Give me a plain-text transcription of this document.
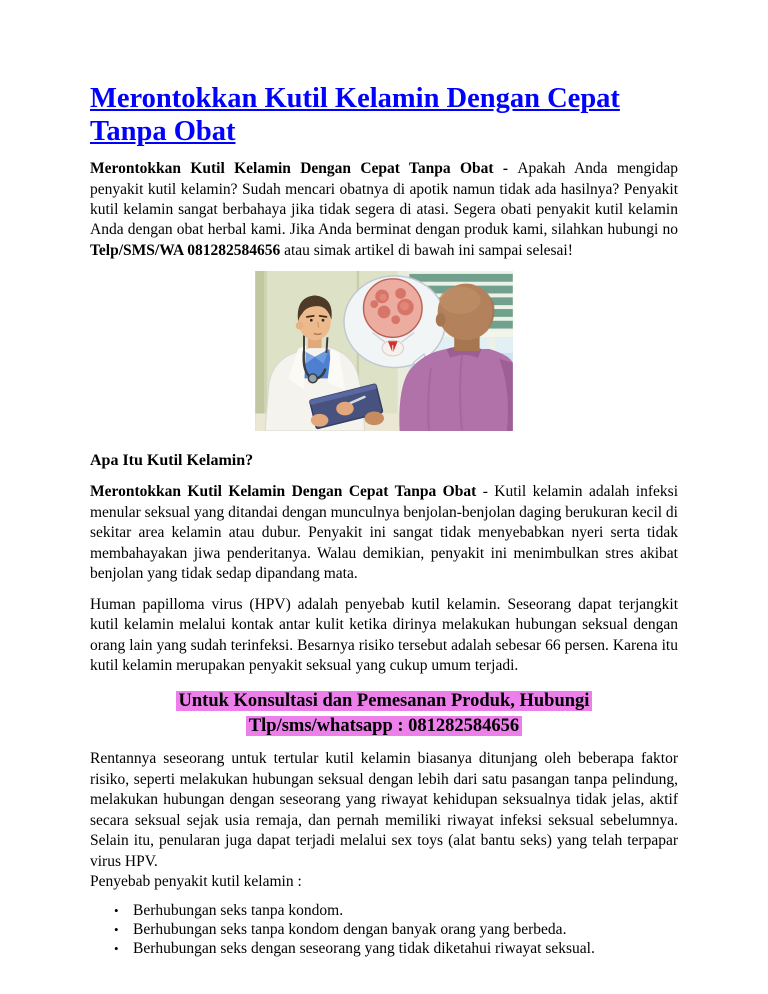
Merontokkan Kutil Kelamin Dengan Cepat Tanpa Obat

Merontokkan Kutil Kelamin Dengan Cepat Tanpa Obat - Apakah Anda mengidap penyakit kutil kelamin? Sudah mencari obatnya di apotik namun tidak ada hasilnya? Penyakit kutil kelamin sangat berbahaya jika tidak segera di atasi. Segera obati penyakit kutil kelamin Anda dengan obat herbal kami. Jika Anda berminat dengan produk kami, silahkan hubungi no Telp/SMS/WA 081282584656 atau simak artikel di bawah ini sampai selesai!

Apa Itu Kutil Kelamin?

Merontokkan Kutil Kelamin Dengan Cepat Tanpa Obat - Kutil kelamin adalah infeksi menular seksual yang ditandai dengan munculnya benjolan-benjolan daging berukuran kecil di sekitar area kelamin atau dubur. Penyakit ini sangat tidak menyebabkan nyeri serta tidak membahayakan jiwa penderitanya. Walau demikian, penyakit ini menimbulkan stres akibat benjolan yang tidak sedap dipandang mata.

Human papilloma virus (HPV) adalah penyebab kutil kelamin. Seseorang dapat terjangkit kutil kelamin melalui kontak antar kulit ketika dirinya melakukan hubungan seksual dengan orang lain yang sudah terinfeksi. Besarnya risiko tersebut adalah sebesar 66 persen. Karena itu kutil kelamin merupakan penyakit seksual yang cukup umum terjadi.

Untuk Konsultasi dan Pemesanan Produk, Hubungi
Tlp/sms/whatsapp : 081282584656

Rentannya seseorang untuk tertular kutil kelamin biasanya ditunjang oleh beberapa faktor risiko, seperti melakukan hubungan seksual dengan lebih dari satu pasangan tanpa pelindung, melakukan hubungan dengan seseorang yang riwayat kehidupan seksualnya tidak jelas, aktif secara seksual sejak usia remaja, dan pernah memiliki riwayat infeksi seksual sebelumnya. Selain itu, penularan juga dapat terjadi melalui sex toys (alat bantu seks) yang telah terpapar virus HPV.
Penyebab penyakit kutil kelamin :

• Berhubungan seks tanpa kondom.
• Berhubungan seks tanpa kondom dengan banyak orang yang berbeda.
• Berhubungan seks dengan seseorang yang tidak diketahui riwayat seksual.
